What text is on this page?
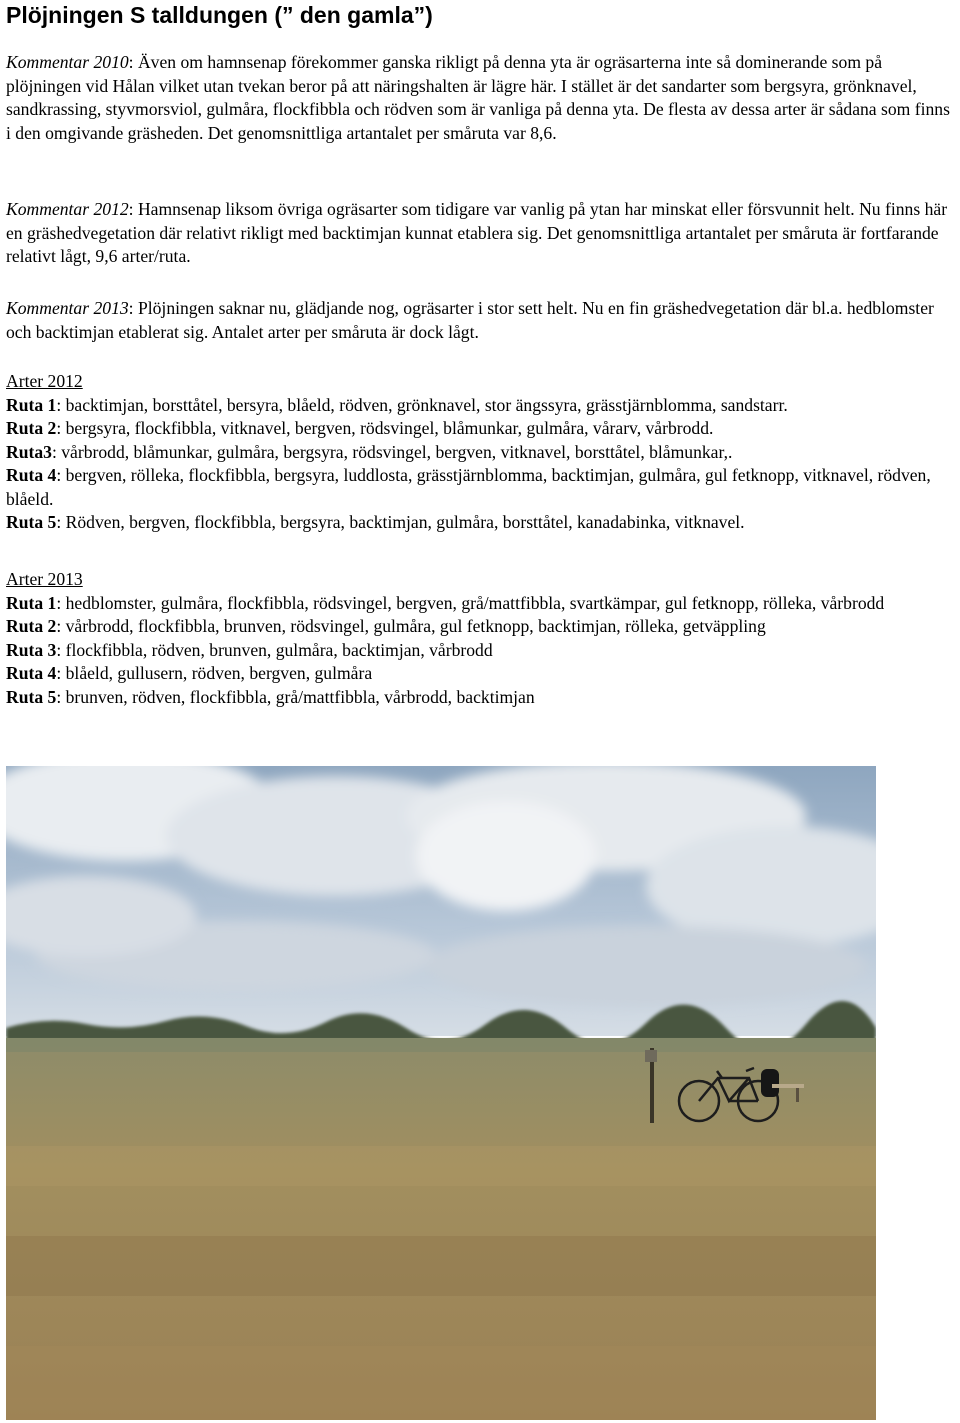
Plöjningen S talldungen (” den gamla”)

Kommentar 2010: Även om hamnsenap förekommer ganska rikligt på denna yta är ogräsarterna inte så dominerande som på plöjningen vid Hålan vilket utan tvekan beror på att näringshalten är lägre här. I stället är det sandarter som bergsyra, grönknavel, sandkrassing, styvmorsviol, gulmåra, flockfibbla och rödven som är vanliga på denna yta. De flesta av dessa arter är sådana som finns i den omgivande gräsheden. Det genomsnittliga artantalet per småruta var 8,6.

Kommentar 2012: Hamnsenap liksom övriga ogräsarter som tidigare var vanlig på ytan har minskat eller försvunnit helt. Nu finns här en gräshedvegetation där relativt rikligt med backtimjan kunnat etablera sig. Det genomsnittliga artantalet per småruta är fortfarande relativt lågt, 9,6 arter/ruta.

Kommentar 2013: Plöjningen saknar nu, glädjande nog, ogräsarter i stor sett helt. Nu en fin gräshedvegetation där bl.a. hedblomster och backtimjan etablerat sig. Antalet arter per småruta är dock lågt.

Arter 2012

Ruta 1: backtimjan, borsttåtel, bersyra, blåeld, rödven, grönknavel, stor ängssyra, grässtjärnblomma, sandstarr.

Ruta 2: bergsyra, flockfibbla, vitknavel, bergven, rödsvingel, blåmunkar, gulmåra, vårarv, vårbrodd.

Ruta3: vårbrodd, blåmunkar, gulmåra, bergsyra, rödsvingel, bergven, vitknavel, borsttåtel, blåmunkar,.

Ruta 4: bergven, rölleka, flockfibbla, bergsyra, luddlosta, grässtjärnblomma, backtimjan, gulmåra, gul fetknopp, vitknavel, rödven, blåeld.

Ruta 5: Rödven, bergven, flockfibbla, bergsyra, backtimjan, gulmåra, borsttåtel, kanadabinka, vitknavel.

Arter 2013

Ruta 1: hedblomster, gulmåra, flockfibbla, rödsvingel, bergven, grå/mattfibbla, svartkämpar, gul fetknopp, rölleka, vårbrodd

Ruta 2: vårbrodd, flockfibbla, brunven, rödsvingel, gulmåra, gul fetknopp, backtimjan, rölleka, getväppling

Ruta 3: flockfibbla, rödven, brunven, gulmåra, backtimjan, vårbrodd

Ruta 4: blåeld, gullusern, rödven, bergven, gulmåra

Ruta 5: brunven, rödven, flockfibbla, grå/mattfibbla, vårbrodd, backtimjan
